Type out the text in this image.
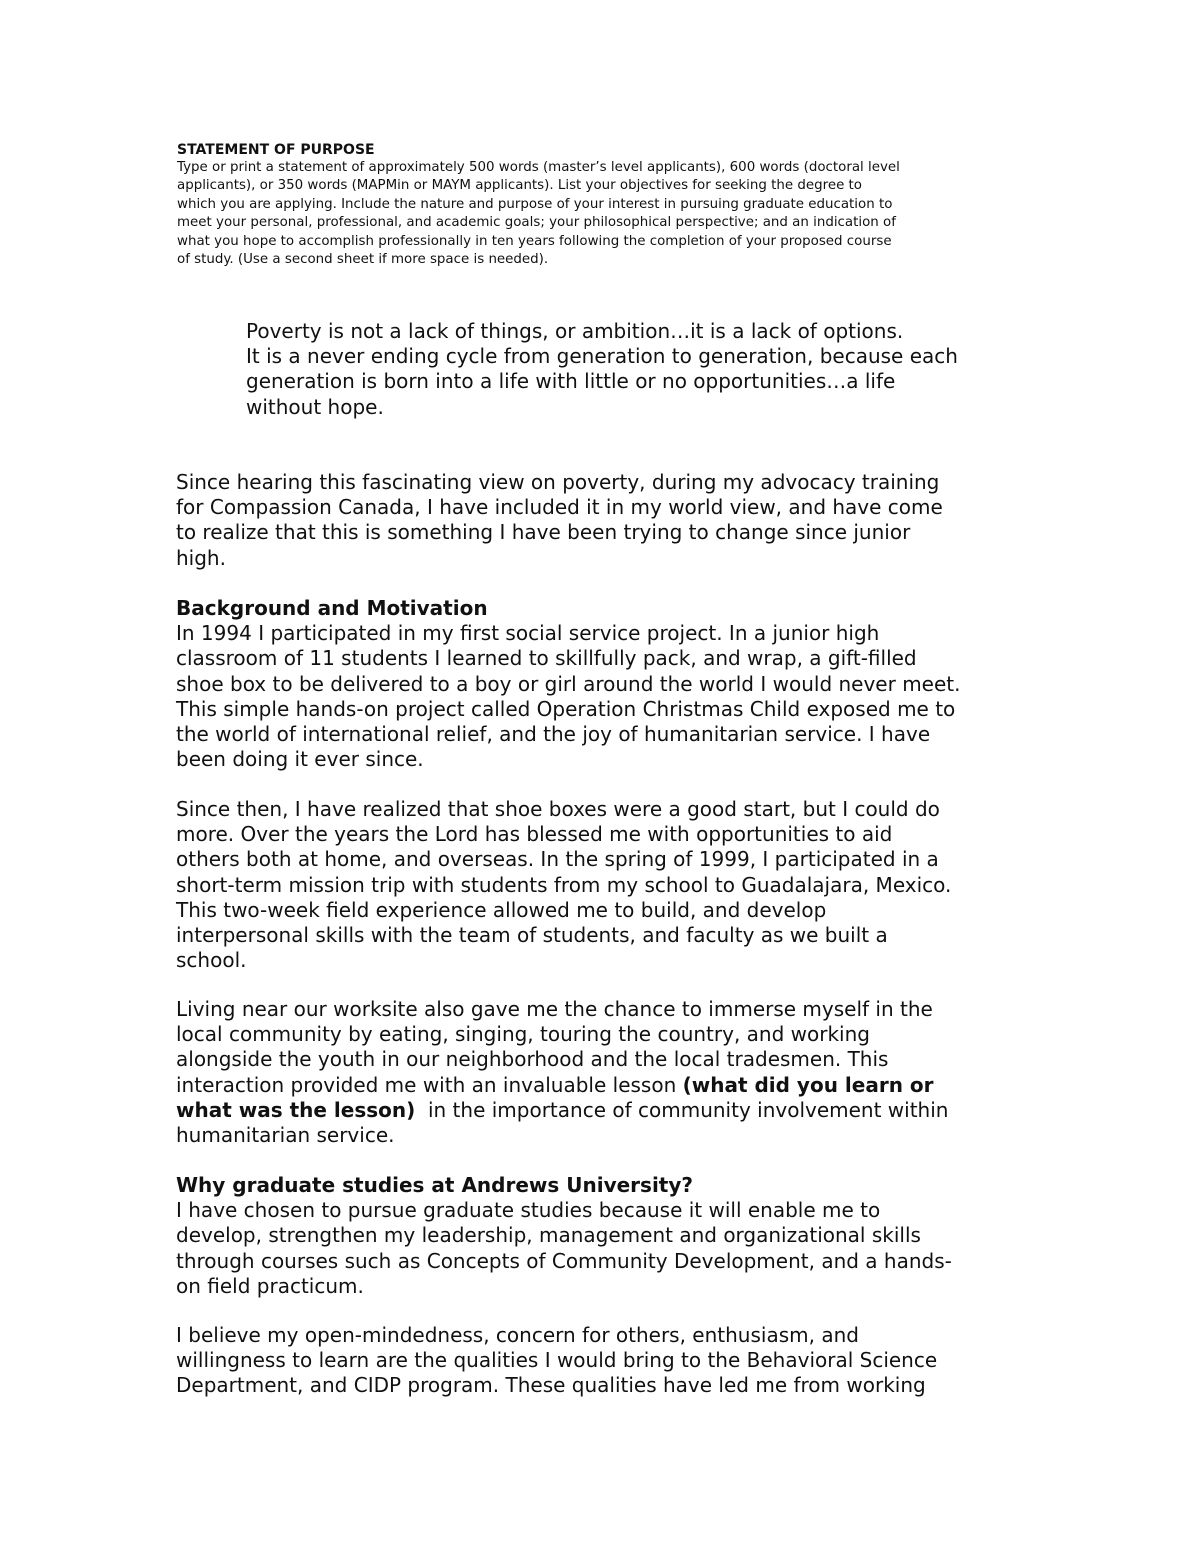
STATEMENT OF PURPOSE

Type or print a statement of approximately 500 words (master’s level applicants), 600 words (doctoral level
applicants), or 350 words (MAPMin or MAYM applicants). List your objectives for seeking the degree to
which you are applying. Include the nature and purpose of your interest in pursuing graduate education to
meet your personal, professional, and academic goals; your philosophical perspective; and an indication of
what you hope to accomplish professionally in ten years following the completion of your proposed course
of study. (Use a second sheet if more space is needed).

Poverty is not a lack of things, or ambition…it is a lack of options.
It is a never ending cycle from generation to generation, because each
generation is born into a life with little or no opportunities…a life
without hope.

Since hearing this fascinating view on poverty, during my advocacy training
for Compassion Canada, I have included it in my world view, and have come
to realize that this is something I have been trying to change since junior
high.

Background and Motivation
In 1994 I participated in my first social service project. In a junior high
classroom of 11 students I learned to skillfully pack, and wrap, a gift-filled
shoe box to be delivered to a boy or girl around the world I would never meet.
This simple hands-on project called Operation Christmas Child exposed me to
the world of international relief, and the joy of humanitarian service. I have
been doing it ever since.

Since then, I have realized that shoe boxes were a good start, but I could do
more. Over the years the Lord has blessed me with opportunities to aid
others both at home, and overseas. In the spring of 1999, I participated in a
short-term mission trip with students from my school to Guadalajara, Mexico.
This two-week field experience allowed me to build, and develop
interpersonal skills with the team of students, and faculty as we built a
school.

Living near our worksite also gave me the chance to immerse myself in the
local community by eating, singing, touring the country, and working
alongside the youth in our neighborhood and the local tradesmen. This
interaction provided me with an invaluable lesson (what did you learn or
what was the lesson)  in the importance of community involvement within
humanitarian service.

Why graduate studies at Andrews University?
I have chosen to pursue graduate studies because it will enable me to
develop, strengthen my leadership, management and organizational skills
through courses such as Concepts of Community Development, and a hands-
on field practicum.

I believe my open-mindedness, concern for others, enthusiasm, and
willingness to learn are the qualities I would bring to the Behavioral Science
Department, and CIDP program. These qualities have led me from working
